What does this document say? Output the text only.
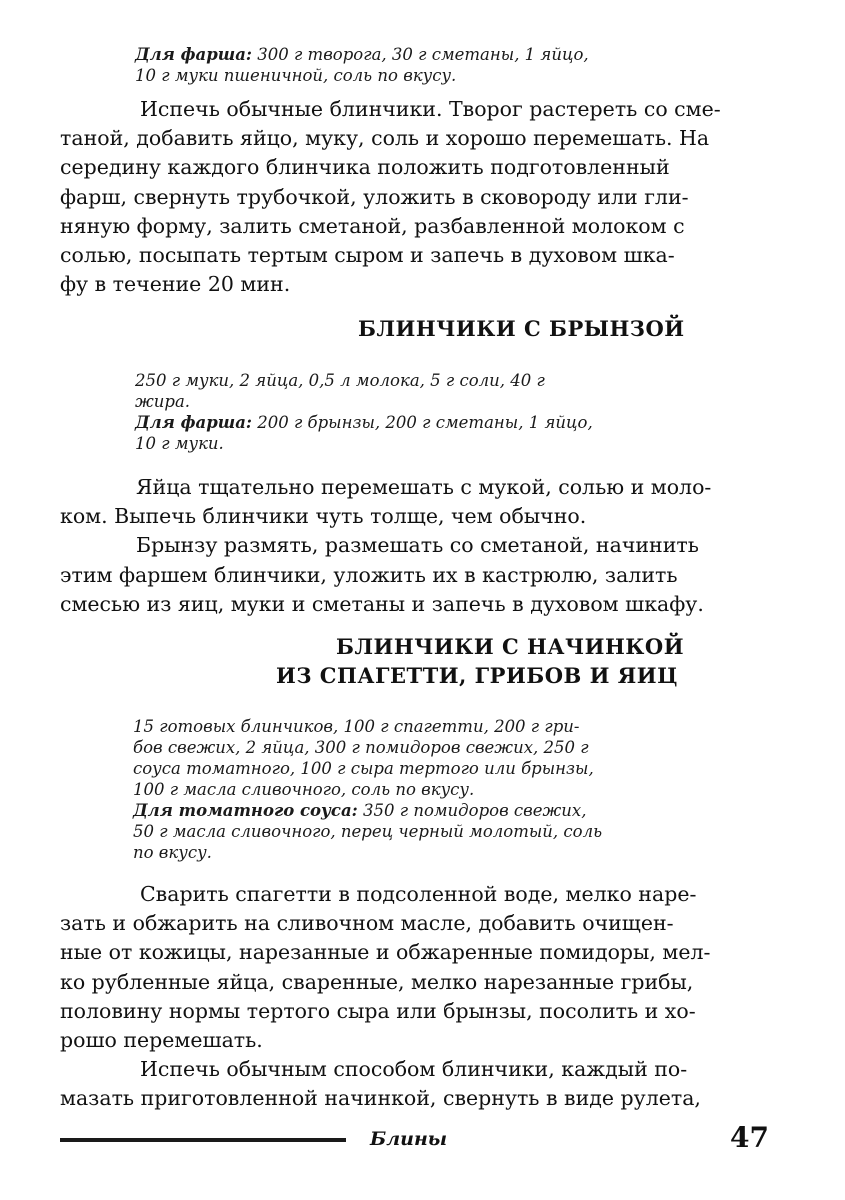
Для фарша: 300 г творога, 30 г сметаны, 1 яйцо,
10 г муки пшеничной, соль по вкусу.
Испечь обычные блинчики. Творог растереть со сме-
таной, добавить яйцо, муку, соль и хорошо перемешать. На
середину каждого блинчика положить подготовленный
фарш, свернуть трубочкой, уложить в сковороду или гли-
няную форму, залить сметаной, разбавленной молоком с
солью, посыпать тертым сыром и запечь в духовом шка-
фу в течение 20 мин.
БЛИНЧИКИ С БРЫНЗОЙ
250 г муки, 2 яйца, 0,5 л молока, 5 г соли, 40 г
жира.
Для фарша: 200 г брынзы, 200 г сметаны, 1 яйцо,
10 г муки.
Яйца тщательно перемешать с мукой, солью и моло-
ком. Выпечь блинчики чуть толще, чем обычно.
Брынзу размять, размешать со сметаной, начинить
этим фаршем блинчики, уложить их в кастрюлю, залить
смесью из яиц, муки и сметаны и запечь в духовом шкафу.
БЛИНЧИКИ С НАЧИНКОЙ
ИЗ СПАГЕТТИ, ГРИБОВ И ЯИЦ
15 готовых блинчиков, 100 г спагетти, 200 г гри-
бов свежих, 2 яйца, 300 г помидоров свежих, 250 г
соуса томатного, 100 г сыра тертого или брынзы,
100 г масла сливочного, соль по вкусу.
Для томатного соуса: 350 г помидоров свежих,
50 г масла сливочного, перец черный молотый, соль
по вкусу.
Сварить спагетти в подсоленной воде, мелко наре-
зать и обжарить на сливочном масле, добавить очищен-
ные от кожицы, нарезанные и обжаренные помидоры, мел-
ко рубленные яйца, сваренные, мелко нарезанные грибы,
половину нормы тертого сыра или брынзы, посолить и хо-
рошо перемешать.
Испечь обычным способом блинчики, каждый по-
мазать приготовленной начинкой, свернуть в виде рулета,
Блины	47
